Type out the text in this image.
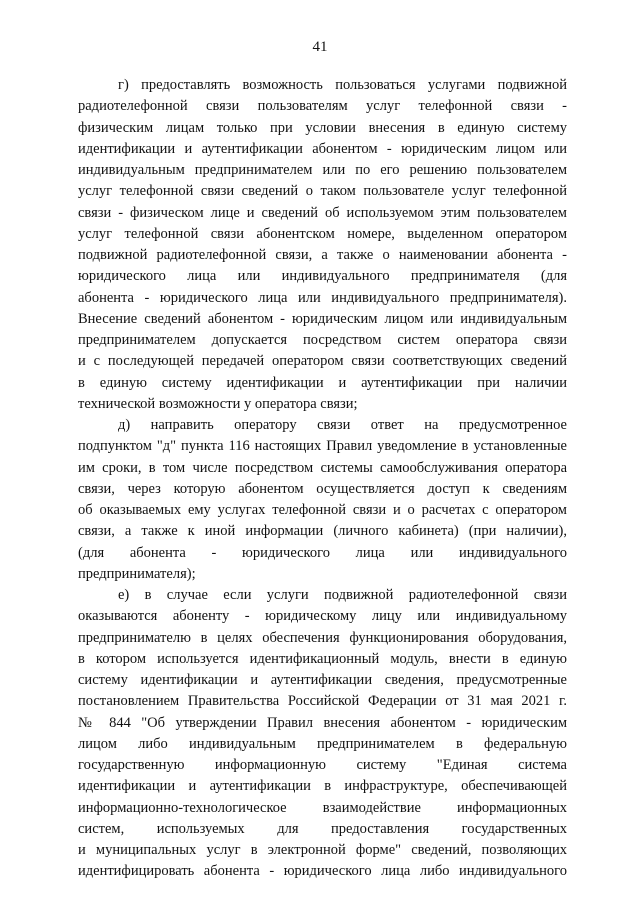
41
г) предоставлять возможность пользоваться услугами подвижной
радиотелефонной связи пользователям услуг телефонной связи -
физическим лицам только при условии внесения в единую систему
идентификации и аутентификации абонентом - юридическим лицом или
индивидуальным предпринимателем или по его решению пользователем
услуг телефонной связи сведений о таком пользователе услуг телефонной
связи - физическом лице и сведений об используемом этим пользователем
услуг телефонной связи абонентском номере, выделенном оператором
подвижной радиотелефонной связи, а также о наименовании абонента -
юридического лица или индивидуального предпринимателя (для
абонента - юридического лица или индивидуального предпринимателя).
Внесение сведений абонентом - юридическим лицом или индивидуальным
предпринимателем допускается посредством систем оператора связи
и с последующей передачей оператором связи соответствующих сведений
в единую систему идентификации и аутентификации при наличии
технической возможности у оператора связи;
д) направить оператору связи ответ на предусмотренное
подпунктом "д" пункта 116 настоящих Правил уведомление в установленные
им сроки, в том числе посредством системы самообслуживания оператора
связи, через которую абонентом осуществляется доступ к сведениям
об оказываемых ему услугах телефонной связи и о расчетах с оператором
связи, а также к иной информации (личного кабинета) (при наличии),
(для абонента - юридического лица или индивидуального
предпринимателя);
е) в случае если услуги подвижной радиотелефонной связи
оказываются абоненту - юридическому лицу или индивидуальному
предпринимателю в целях обеспечения функционирования оборудования,
в котором используется идентификационный модуль, внести в единую
систему идентификации и аутентификации сведения, предусмотренные
постановлением Правительства Российской Федерации от 31 мая 2021 г.
№ 844 "Об утверждении Правил внесения абонентом - юридическим
лицом либо индивидуальным предпринимателем в федеральную
государственную информационную систему "Единая система
идентификации и аутентификации в инфраструктуре, обеспечивающей
информационно-технологическое взаимодействие информационных
систем, используемых для предоставления государственных
и муниципальных услуг в электронной форме" сведений, позволяющих
идентифицировать абонента - юридического лица либо индивидуального
